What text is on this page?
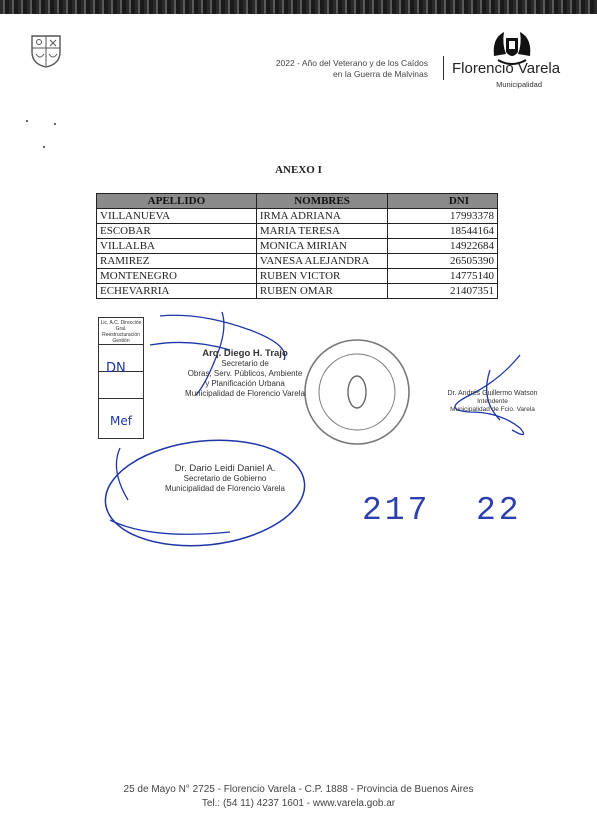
2022 - Año del Veterano y de los Caídos
en la Guerra de Malvinas Florencio Varela
Municipalidad
ANEXO I
APELLIDO	NOMBRES	DNI
VILLANUEVA	IRMA ADRIANA	17993378
ESCOBAR	MARIA TERESA	18544164
VILLALBA	MONICA MIRIAN	14922684
RAMIREZ	VANESA ALEJANDRA	26505390
MONTENEGRO	RUBEN VICTOR	14775140
ECHEVARRIA	RUBEN OMAR	21407351
Lic. A.C. Dirección Gral. Reestructuración Gestión
DN
Mef
Arq. Diego H. Trajo
Secretario de
Obras, Serv. Públicos, Ambiente
y Planificación Urbana
Municipalidad de Florencio Varela	Dr. Andrés Guillermo Watson
Intendente
Municipalidad de Fcio. Varela
Dr. Dario Leidi Daniel A.
Secretario de Gobierno
Municipalidad de Florencio Varela
217 22
25 de Mayo N° 2725 - Florencio Varela - C.P. 1888 - Provincia de Buenos Aires
Tel.: (54 11) 4237 1601 - www.varela.gob.ar
